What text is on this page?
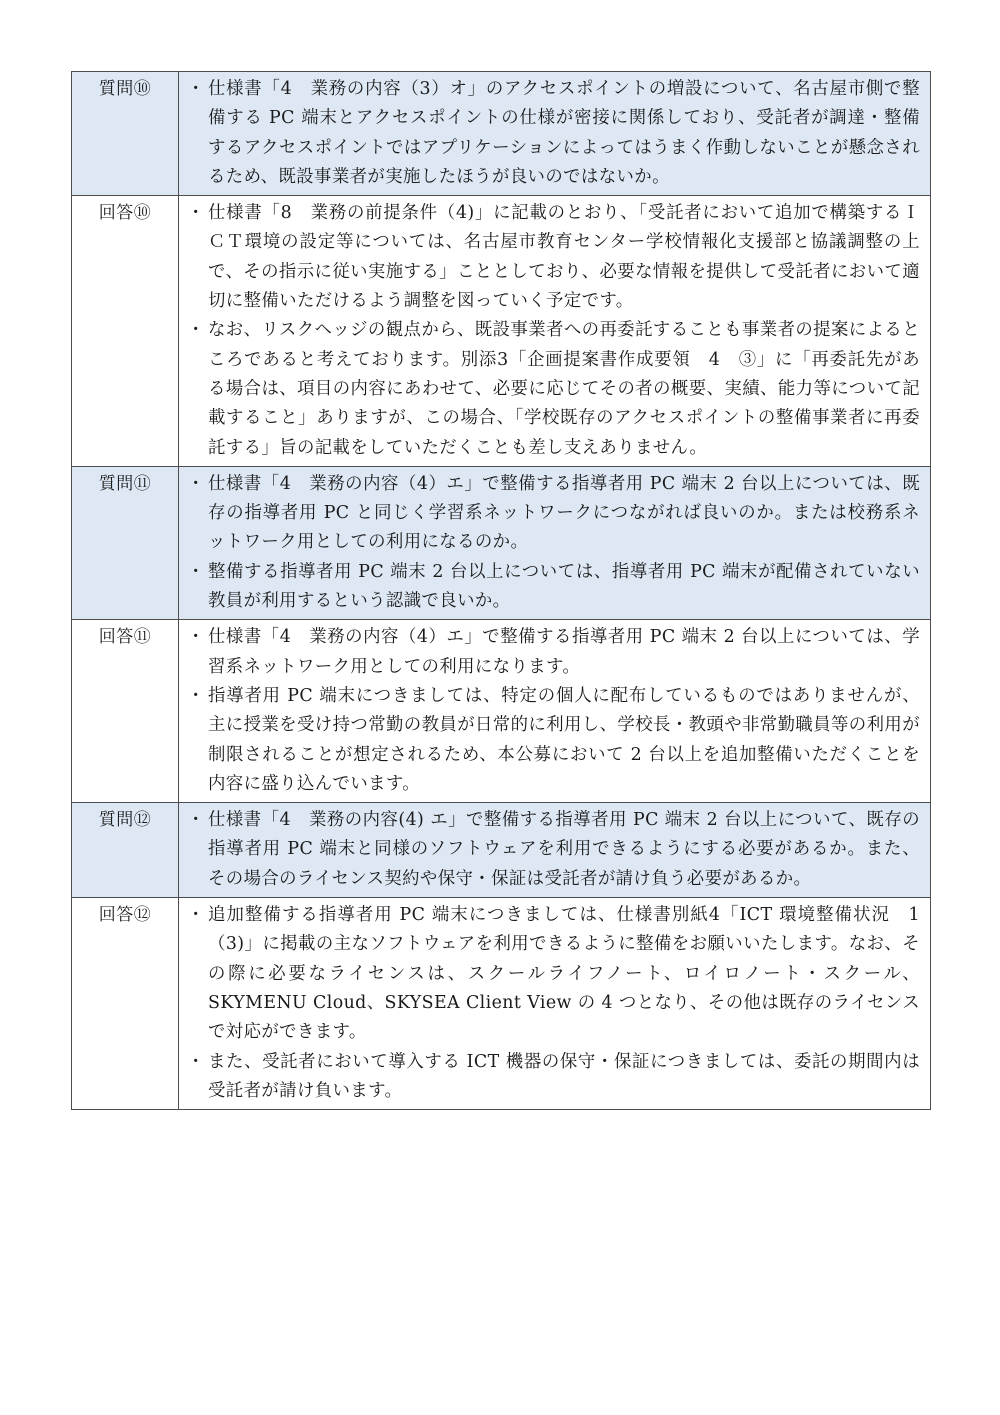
質問⑩	・ 仕様書「4　業務の内容（3）オ」のアクセスポイントの増設について、名古屋市側で整備する PC 端末とアクセスポイントの仕様が密接に関係しており、受託者が調達・整備するアクセスポイントではアプリケーションによってはうまく作動しないことが懸念されるため、既設事業者が実施したほうが良いのではないか。

回答⑩	・ 仕様書「8　業務の前提条件（4)」に記載のとおり、「受託者において追加で構築するＩＣＴ環境の設定等については、名古屋市教育センター学校情報化支援部と協議調整の上で、その指示に従い実施する」こととしており、必要な情報を提供して受託者において適切に整備いただけるよう調整を図っていく予定です。
・ なお、リスクヘッジの観点から、既設事業者への再委託することも事業者の提案によるところであると考えております。別添3「企画提案書作成要領　4　③」に「再委託先がある場合は、項目の内容にあわせて、必要に応じてその者の概要、実績、能力等について記載すること」ありますが、この場合、「学校既存のアクセスポイントの整備事業者に再委託する」旨の記載をしていただくことも差し支えありません。

質問⑪	・ 仕様書「4　業務の内容（4）エ」で整備する指導者用 PC 端末 2 台以上については、既存の指導者用 PC と同じく学習系ネットワークにつながれば良いのか。または校務系ネットワーク用としての利用になるのか。
・ 整備する指導者用 PC 端末 2 台以上については、指導者用 PC 端末が配備されていない教員が利用するという認識で良いか。

回答⑪	・ 仕様書「4　業務の内容（4）エ」で整備する指導者用 PC 端末 2 台以上については、学習系ネットワーク用としての利用になります。
・ 指導者用 PC 端末につきましては、特定の個人に配布しているものではありませんが、主に授業を受け持つ常勤の教員が日常的に利用し、学校長・教頭や非常勤職員等の利用が制限されることが想定されるため、本公募において 2 台以上を追加整備いただくことを内容に盛り込んでいます。

質問⑫	・ 仕様書「4　業務の内容(4) エ」で整備する指導者用 PC 端末 2 台以上について、既存の指導者用 PC 端末と同様のソフトウェアを利用できるようにする必要があるか。また、その場合のライセンス契約や保守・保証は受託者が請け負う必要があるか。

回答⑫	・ 追加整備する指導者用 PC 端末につきましては、仕様書別紙4「ICT 環境整備状況　1（3)」に掲載の主なソフトウェアを利用できるように整備をお願いいたします。なお、その際に必要なライセンスは、スクールライフノート、ロイロノート・スクール、SKYMENU Cloud、SKYSEA Client View の 4 つとなり、その他は既存のライセンスで対応ができます。
・ また、受託者において導入する ICT 機器の保守・保証につきましては、委託の期間内は受託者が請け負います。
